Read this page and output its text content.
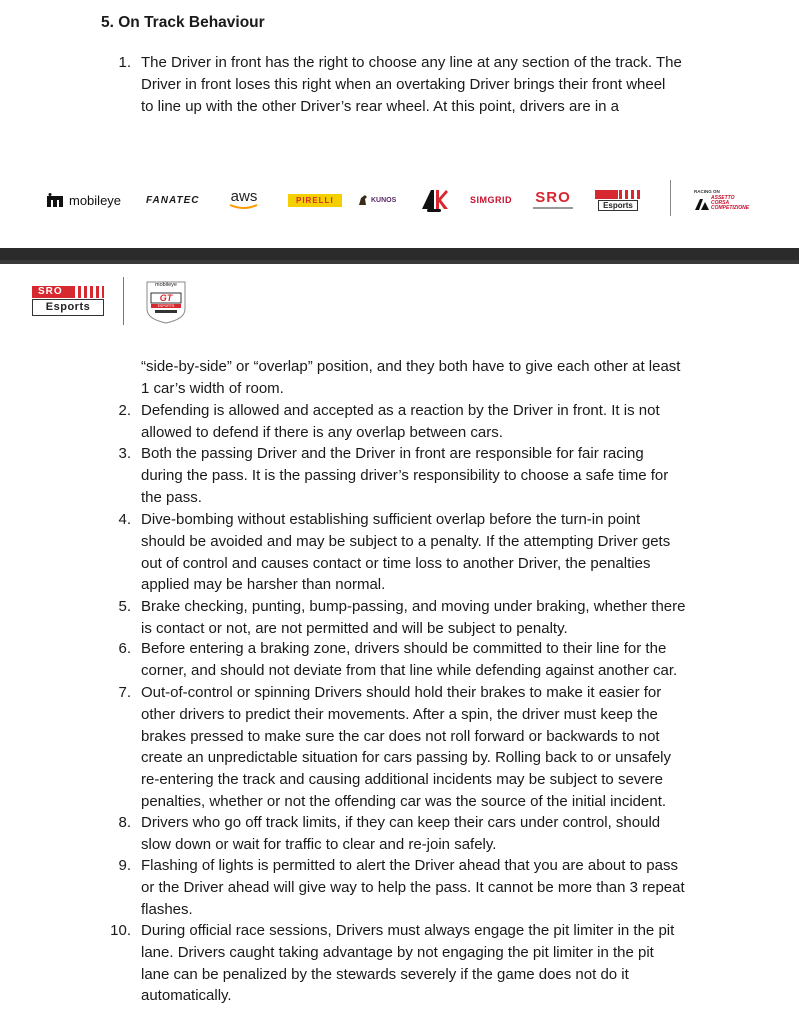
5. On Track Behaviour
1. The Driver in front has the right to choose any line at any section of the track. The
Driver in front loses this right when an overtaking Driver brings their front wheel
to line up with the other Driver’s rear wheel. At this point, drivers are in a
“side-by-side” or “overlap” position, and they both have to give each other at least
1 car’s width of room.
2. Defending is allowed and accepted as a reaction by the Driver in front. It is not
allowed to defend if there is any overlap between cars.
3. Both the passing Driver and the Driver in front are responsible for fair racing
during the pass. It is the passing driver’s responsibility to choose a safe time for
the pass.
4. Dive-bombing without establishing sufficient overlap before the turn-in point
should be avoided and may be subject to a penalty. If the attempting Driver gets
out of control and causes contact or time loss to another Driver, the penalties
applied may be harsher than normal.
5. Brake checking, punting, bump-passing, and moving under braking, whether there
is contact or not, are not permitted and will be subject to penalty.
6. Before entering a braking zone, drivers should be committed to their line for the
corner, and should not deviate from that line while defending against another car.
7. Out-of-control or spinning Drivers should hold their brakes to make it easier for
other drivers to predict their movements. After a spin, the driver must keep the
brakes pressed to make sure the car does not roll forward or backwards to not
create an unpredictable situation for cars passing by. Rolling back to or unsafely
re-entering the track and causing additional incidents may be subject to severe
penalties, whether or not the offending car was the source of the initial incident.
8. Drivers who go off track limits, if they can keep their cars under control, should
slow down or wait for traffic to clear and re-join safely.
9. Flashing of lights is permitted to alert the Driver ahead that you are about to pass
or the Driver ahead will give way to help the pass. It cannot be more than 3 repeat
flashes.
10. During official race sessions, Drivers must always engage the pit limiter in the pit
lane. Drivers caught taking advantage by not engaging the pit limiter in the pit
lane can be penalized by the stewards severely if the game does not do it
automatically.
mobileye FANATEC aws	PIRELLI	KUNOS	SIMGRID SRO	Esports
RACING ON
ASSETTO CORSA COMPETIZIONE
SRO
Esports
mobileye
GT
ESPORTS
